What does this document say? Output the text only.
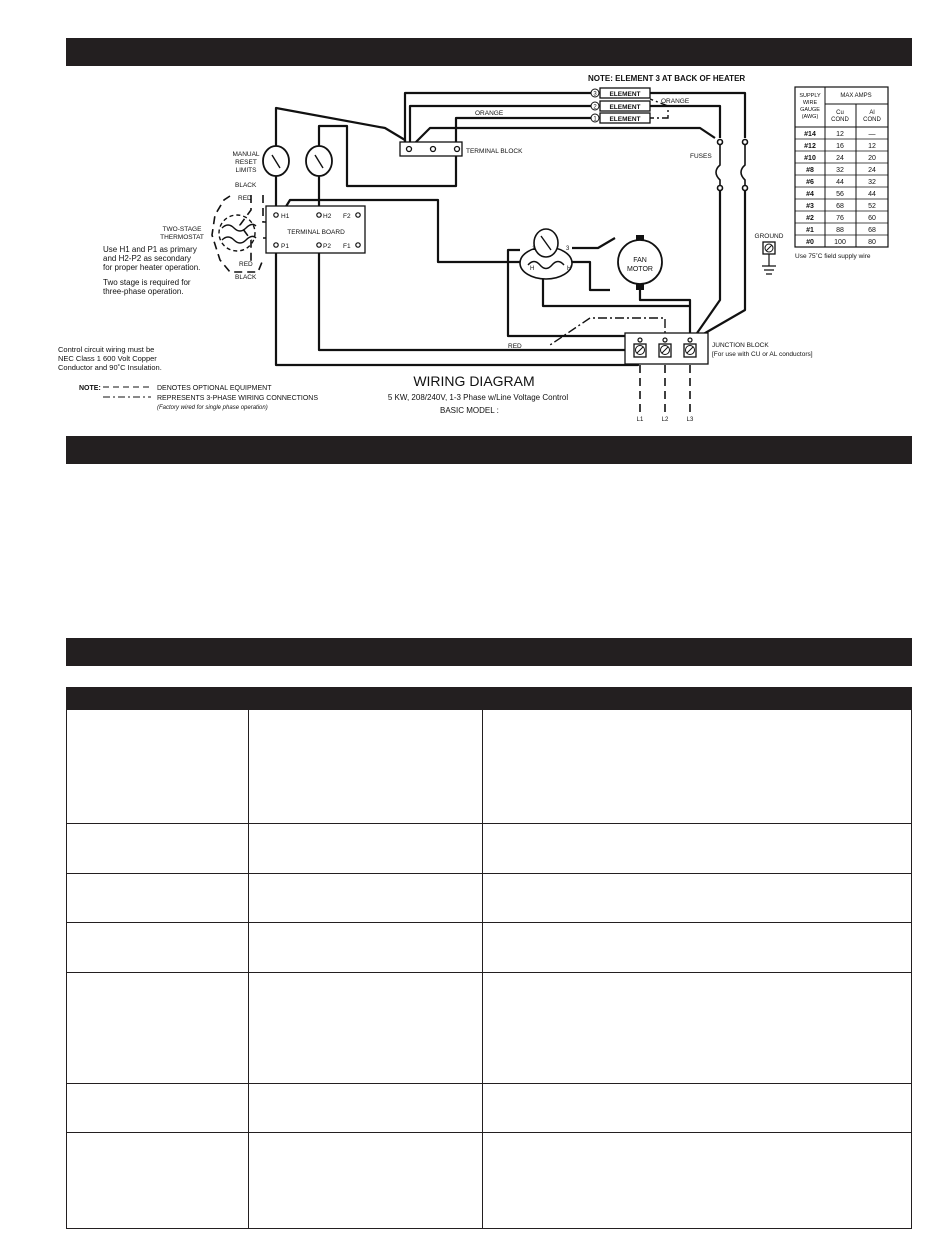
NOTE: ELEMENT 3 AT BACK OF HEATER
3
2
1
ELEMENT
ELEMENT
ELEMENT
ORANGE
ORANGE
TERMINAL BLOCK
MANUAL
RESET
LIMITS
FUSES
BLACK
RED
RED
BLACK
RED
TWO-STAGE
THERMOSTAT
TERMINAL BOARD
H1	H2 F2
P1	P2 F1	1	3
H	H
FAN
MOTOR
GROUND
JUNCTION BLOCK
[For use with CU or AL conductors]
L1	L2	L3
Use H1 and P1 as primary
and H2-P2 as secondary
for proper heater operation.
Two stage is required for
three-phase operation.
Control circuit wiring must be
NEC Class 1 600 Volt Copper
Conductor and 90˚C Insulation.
NOTE:	DENOTES OPTIONAL EQUIPMENT
REPRESENTS 3-PHASE WIRING CONNECTIONS
(Factory wired for single phase operation)
WIRING DIAGRAM
5 KW, 208/240V, 1-3 Phase w/Line Voltage Control
BASIC MODEL :
#14	12	—
#12	16	12
#10	24	20
#8	32	24
#6	44	32
#4	56	44
#3	68	52
#2	76	60
#1	88	68
#0	100	80
SUPPLY
WIRE
GAUGE
(AWG)
MAX AMPS
Cu
COND
Al
COND
Use 75˚C field supply wire
